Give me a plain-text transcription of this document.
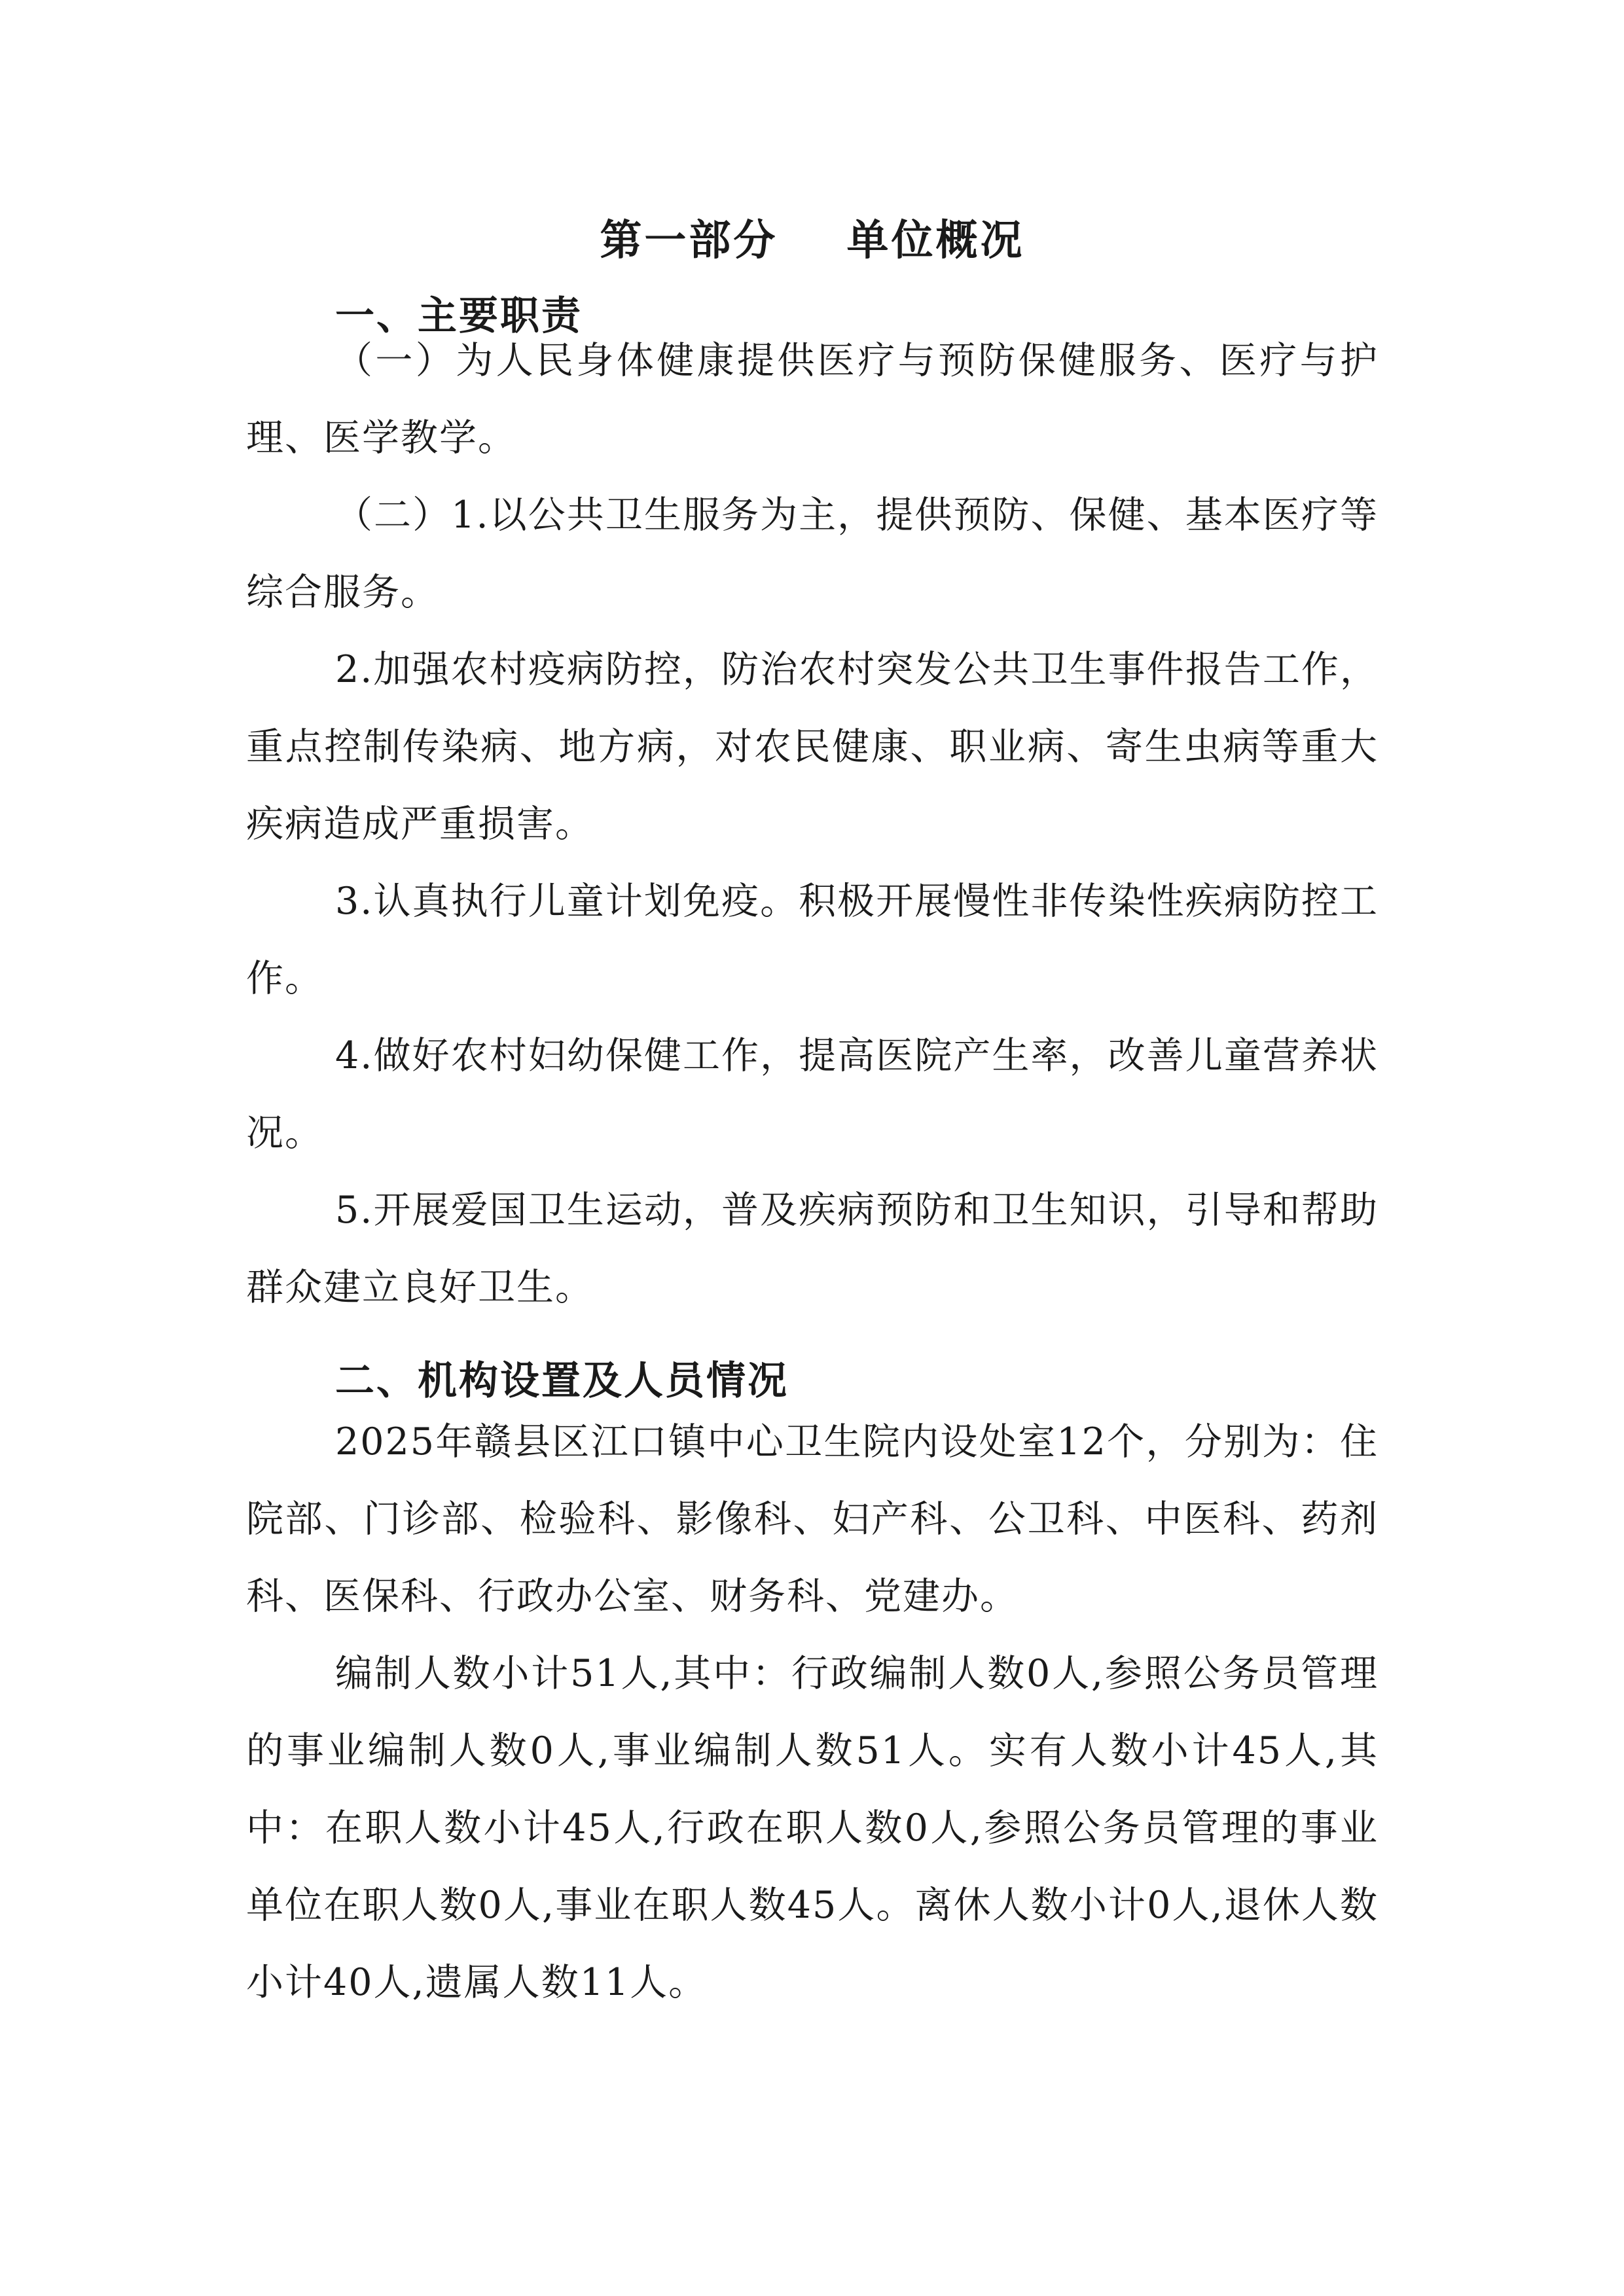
第一部分    单位概况
一、主要职责

（一）为人民身体健康提供医疗与预防保健服务、医疗与护理、医学教学。

（二）1.以公共卫生服务为主，提供预防、保健、基本医疗等综合服务。

2.加强农村疫病防控，防治农村突发公共卫生事件报告工作，重点控制传染病、地方病，对农民健康、职业病、寄生虫病等重大疾病造成严重损害。

3.认真执行儿童计划免疫。积极开展慢性非传染性疾病防控工作。

4.做好农村妇幼保健工作，提高医院产生率，改善儿童营养状况。

5.开展爱国卫生运动，普及疾病预防和卫生知识，引导和帮助群众建立良好卫生。

二、机构设置及人员情况

2025年赣县区江口镇中心卫生院内设处室12个，分别为：住院部、门诊部、检验科、影像科、妇产科、公卫科、中医科、药剂科、医保科、行政办公室、财务科、党建办。

编制人数小计51人,其中：行政编制人数0人,参照公务员管理的事业编制人数0人,事业编制人数51人。实有人数小计45人,其中：在职人数小计45人,行政在职人数0人,参照公务员管理的事业单位在职人数0人,事业在职人数45人。离休人数小计0人,退休人数小计40人,遗属人数11人。
